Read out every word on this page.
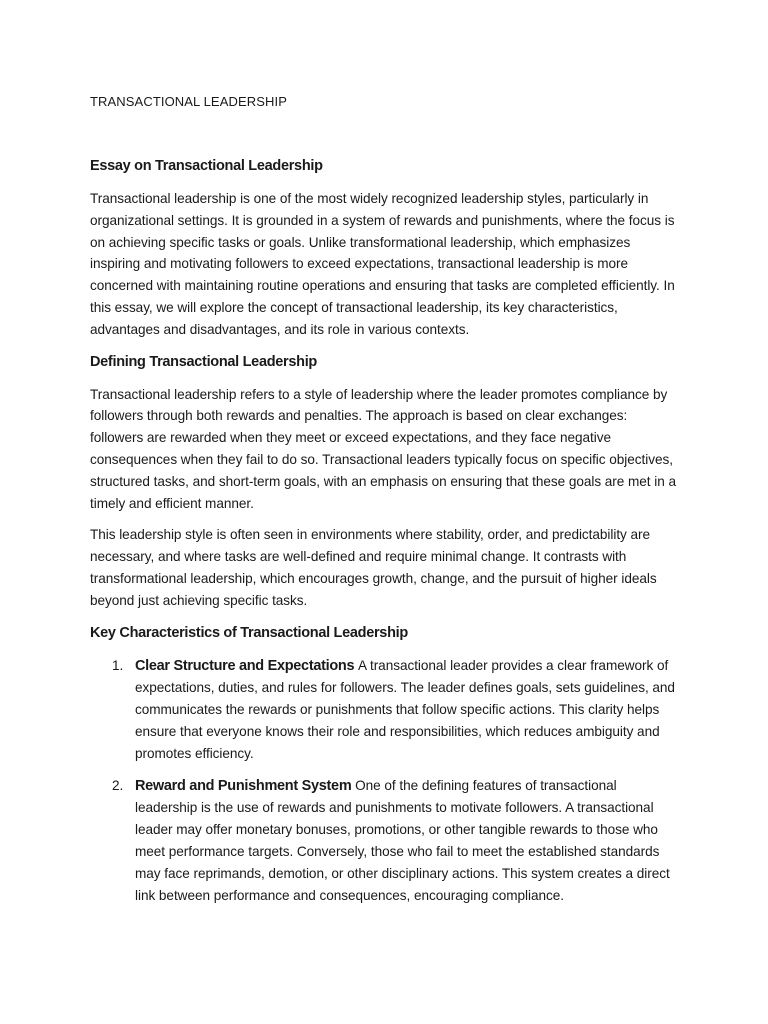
TRANSACTIONAL LEADERSHIP
Essay on Transactional Leadership

Transactional leadership is one of the most widely recognized leadership styles, particularly in organizational settings. It is grounded in a system of rewards and punishments, where the focus is on achieving specific tasks or goals. Unlike transformational leadership, which emphasizes inspiring and motivating followers to exceed expectations, transactional leadership is more concerned with maintaining routine operations and ensuring that tasks are completed efficiently. In this essay, we will explore the concept of transactional leadership, its key characteristics, advantages and disadvantages, and its role in various contexts.

Defining Transactional Leadership

Transactional leadership refers to a style of leadership where the leader promotes compliance by followers through both rewards and penalties. The approach is based on clear exchanges: followers are rewarded when they meet or exceed expectations, and they face negative consequences when they fail to do so. Transactional leaders typically focus on specific objectives, structured tasks, and short-term goals, with an emphasis on ensuring that these goals are met in a timely and efficient manner.

This leadership style is often seen in environments where stability, order, and predictability are necessary, and where tasks are well-defined and require minimal change. It contrasts with transformational leadership, which encourages growth, change, and the pursuit of higher ideals beyond just achieving specific tasks.

Key Characteristics of Transactional Leadership
1. Clear Structure and Expectations A transactional leader provides a clear framework of expectations, duties, and rules for followers. The leader defines goals, sets guidelines, and communicates the rewards or punishments that follow specific actions. This clarity helps ensure that everyone knows their role and responsibilities, which reduces ambiguity and promotes efficiency.
2. Reward and Punishment System One of the defining features of transactional leadership is the use of rewards and punishments to motivate followers. A transactional leader may offer monetary bonuses, promotions, or other tangible rewards to those who meet performance targets. Conversely, those who fail to meet the established standards may face reprimands, demotion, or other disciplinary actions. This system creates a direct link between performance and consequences, encouraging compliance.
